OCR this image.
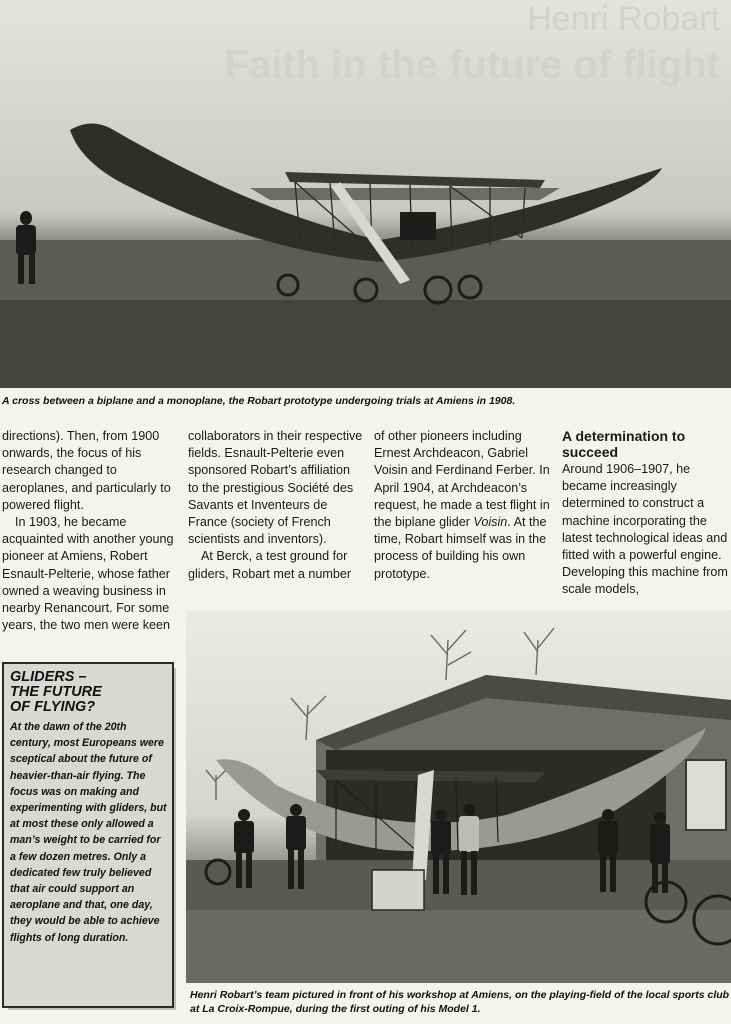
Henri Robart
Faith in the future of flight
A cross between a biplane and a monoplane, the Robart prototype undergoing trials at Amiens in 1908.

directions). Then, from 1900 onwards, the focus of his research changed to aeroplanes, and particularly to powered flight.

In 1903, he became acquainted with another young pioneer at Amiens, Robert Esnault-Pelterie, whose father owned a weaving business in nearby Renancourt. For some years, the two men were keen

collaborators in their respective fields. Esnault-Pelterie even sponsored Robart’s affiliation to the prestigious Société des Savants et Inventeurs de France (society of French scientists and inventors).

At Berck, a test ground for gliders, Robart met a number

of other pioneers including Ernest Archdeacon, Gabriel Voisin and Ferdinand Ferber. In April 1904, at Archdeacon’s request, he made a test flight in the biplane glider Voisin. At the time, Robart himself was in the process of building his own prototype.

A determination to succeed

Around 1906–1907, he became increasingly determined to construct a machine incorporating the latest technological ideas and fitted with a powerful engine. Developing this machine from scale models,

Henri Robart’s team pictured in front of his workshop at Amiens, on the playing-field of the local sports club at La Croix-Rompue, during the first outing of his Model 1.
GLIDERS –
THE FUTURE
OF FLYING?

At the dawn of the 20th century, most Europeans were sceptical about the future of heavier-than-air flying. The focus was on making and experimenting with gliders, but at most these only allowed a man’s weight to be carried for a few dozen metres. Only a dedicated few truly believed that air could support an aeroplane and that, one day, they would be able to achieve flights of long duration.
